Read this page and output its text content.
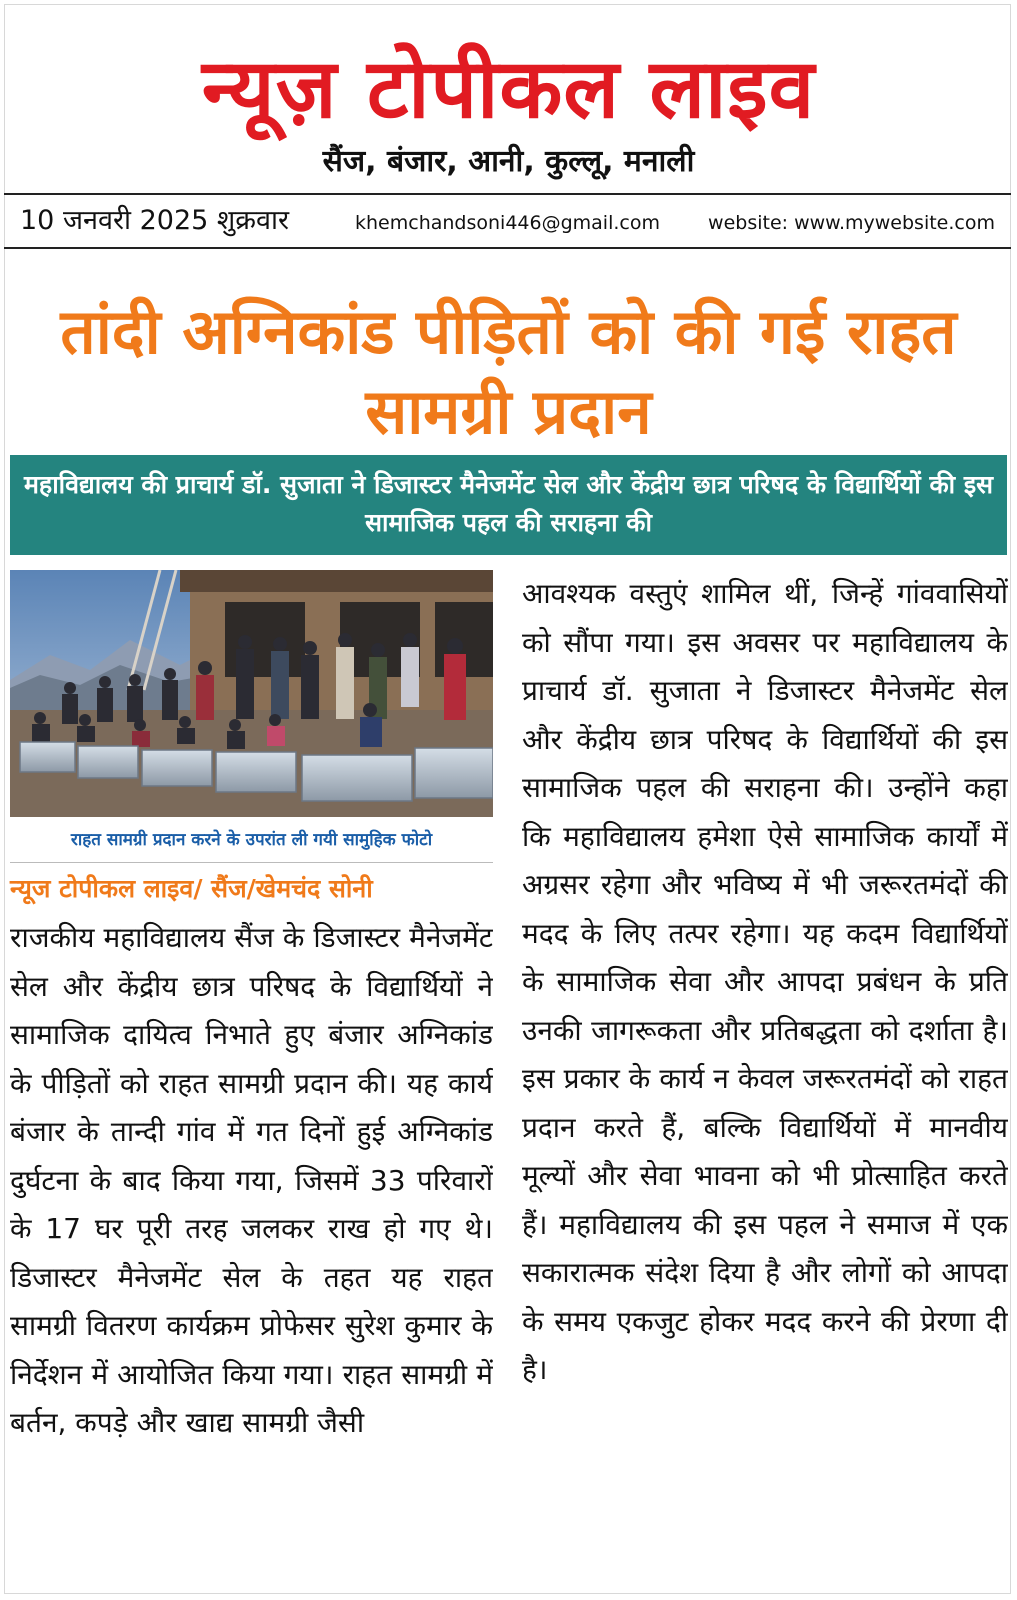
न्यूज़ टोपीकल लाइव
सैंज, बंजार, आनी, कुल्लू, मनाली
10 जनवरी 2025 शुक्रवार	khemchandsoni446@gmail.com	website: www.mywebsite.com
तांदी अग्निकांड पीड़ितों को की गई राहत सामग्री प्रदान
महाविद्यालय की प्राचार्य डॉ. सुजाता ने डिजास्टर मैनेजमेंट सेल और केंद्रीय छात्र परिषद के विद्यार्थियों की इस सामाजिक पहल की सराहना की
राहत सामग्री प्रदान करने के उपरांत ली गयी सामुहिक फोटो
न्यूज टोपीकल लाइव/ सैंज/खेमचंद सोनी
राजकीय महाविद्यालय सैंज के डिजास्टर मैनेजमेंट सेल और केंद्रीय छात्र परिषद के विद्यार्थियों ने सामाजिक दायित्व निभाते हुए बंजार अग्निकांड के पीड़ितों को राहत सामग्री प्रदान की। यह कार्य बंजार के तान्दी गांव में गत दिनों हुई अग्निकांड दुर्घटना के बाद किया गया, जिसमें 33 परिवारों के 17 घर पूरी तरह जलकर राख हो गए थे। डिजास्टर मैनेजमेंट सेल के तहत यह राहत सामग्री वितरण कार्यक्रम प्रोफेसर सुरेश कुमार के निर्देशन में आयोजित किया गया। राहत सामग्री में बर्तन, कपड़े और खाद्य सामग्री जैसी
आवश्यक वस्तुएं शामिल थीं, जिन्हें गांववासियों को सौंपा गया। इस अवसर पर महाविद्यालय के प्राचार्य डॉ. सुजाता ने डिजास्टर मैनेजमेंट सेल और केंद्रीय छात्र परिषद के विद्यार्थियों की इस सामाजिक पहल की सराहना की। उन्होंने कहा कि महाविद्यालय हमेशा ऐसे सामाजिक कार्यों में अग्रसर रहेगा और भविष्य में भी जरूरतमंदों की मदद के लिए तत्पर रहेगा। यह कदम विद्यार्थियों के सामाजिक सेवा और आपदा प्रबंधन के प्रति उनकी जागरूकता और प्रतिबद्धता को दर्शाता है। इस प्रकार के कार्य न केवल जरूरतमंदों को राहत प्रदान करते हैं, बल्कि विद्यार्थियों में मानवीय मूल्यों और सेवा भावना को भी प्रोत्साहित करते हैं। महाविद्यालय की इस पहल ने समाज में एक सकारात्मक संदेश दिया है और लोगों को आपदा के समय एकजुट होकर मदद करने की प्रेरणा दी है।
